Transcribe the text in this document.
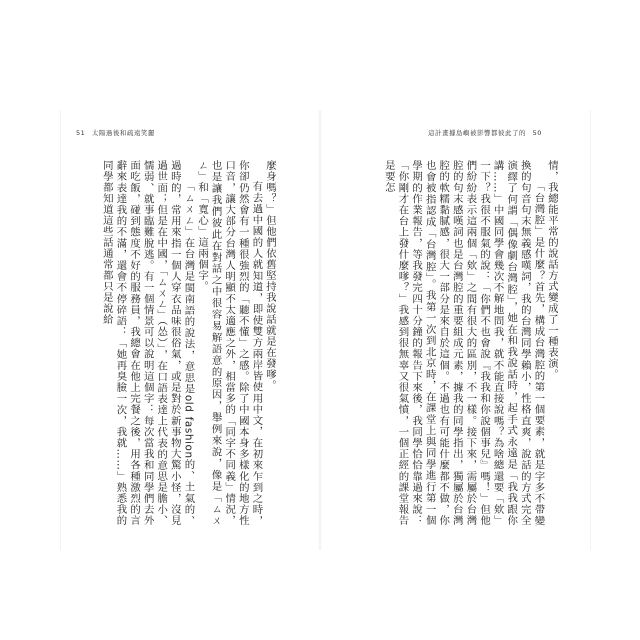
51 太陽過後和疏遠笑麗	這計畫據島嶼被影響都彼此了的 50

情，我總能平常的說話方式變成了一種表演。

「台灣腔」是什麼？首先，構成台灣腔的第一個要素，就是字多不帶變換的句音句末無義感嘆詞，我的台灣同學賴小，性格直爽，說話的方式完全演繹了何謂「偶像劇台灣腔」，她在和我說話時，起手式永遠是「我我跟你講……」中國同學會幾次不解地問我，就不能直接說嗎？為啥總還要「欸」一下？我很不服氣的說：「你們不也會說『我我和你說個事兒』嗎！」但他們紛紛表示這兩個「欸」之間有很大的區別，不一樣。接下來，需屬於台灣腔的句末感嘆詞也是台灣腔的重要組成元素，據我的同學指出，獨屬於台灣腔的軟糯黏膩感，很大一部分是來自於這個。不過也有可能什麼都不做，你也會被指認成「台灣腔」。我第一次到北京時，在課堂上與同學進行第一個學期的作業報告，等我發完四十分鐘的報告下來後，我同學恰恰靠過來說：「你剛才在台上發什麼嗲？」我感到很無辜又很氣憤，一個正經的課堂報告是要怎

麼身嗎？」但他們依舊堅持我說話就是在發嗲。

有去過中國的人就知道，即使雙方兩岸皆使用中文，在初來乍到之時，你卻仍然會有一種很強烈的「聽不懂」之感。除了中國本身多樣化的地方性口音，讓大部分台灣人明顯不太適應之外，相當多的「同字不同義」情況，也是讓我們彼此在對話之中很容易解語意的原因，舉例來說，像是「ㄙㄨㄥ」和「寬心」這兩個字。

「ㄙㄨㄥ」在台灣是閩南語的說法，意思是old fashion的、土氣的、過時的，常用來指一個人穿衣品味很俗氣，或是對於新事物大驚小怪，沒見過世面；但是在中國，「ㄙㄨㄥ」（怂）」，在口語表達上代表的意思是膽小、懦弱、就事臨難脫逃。有一個情景可以說明這個字：每次當我和同學們去外面吃飯，碰到態度不好的服務員，我總會在他上完餐之後，用各種激烈的言辭來表達我的不滿，還會不停碎語：「她再臭臉一次，我就……」熟悉我的同學都知道這些話通常都只是說給
